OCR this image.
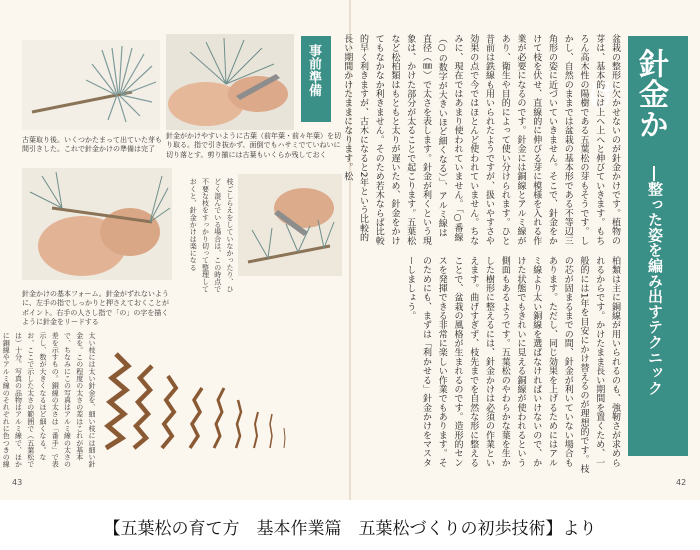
古葉取り後。いくつかたまって出ていた芽も間引きした。これで針金かけの準備は完了
針金がかけやすいように古葉（前年葉・前々年葉）を切り取る。指で引き抜かず、面倒でもハサミでていねいに切り落とす。剪り揃には古葉もいくらか残しておく
事前準備
針金かけの基本フォーム。針金がずれないように、左手の指でしっかりと押さえておくことがポイント。右手の人さし指で「の」の字を描くように針金をリードする
枝ごしらえをしていなかったり、ひどく混んでいる場合は、この時点で不要な枝をすっかり切って整理しておくと、針金かけは楽になる
太い枝には太い針金を、細い枝には細い針金を。この程度の太さの差はこれが基本で、ちなみにこの写真はアルミ線の太さの差を示すもの。銅線の太さは「番手」で表示し、数が大きくなるほど細くなる。なお、ここで示した太さの範囲で（五葉松では）十分。写真の品物はアルミ線で、ほかに銅線やアルミ線のそれぞれに色つきの線
43
盆栽の整形に欠かせないのが針金かけです。植物の芽は、基本的には上へ上へと伸びていきます。もちろん高木性の陽樹である五葉松の芽もそうです。しかし、自然のままでは盆栽の基本形である不等辺三角形の姿に近づいていきません。そこで、針金をかけて枝を伏せ、直線的に伸びる芽に模様を入れる作業が必要になるのです。針金には銅線とアルミ線があり、衛生や目的によって使い分けられます。ひと昔前は鉄線も用いられたようですが、扱いやすさや効果の点で今ではほとんど使われていません。ちなみに、現在ではあまり使われていません。「○番線（○の数字が大きいほど細くなる）」、アルミ線は直径（㎜）で太さを表します。針金が利くという現象は、かけた部分が太ることで起こります。五葉松など松柏類はもともと太りが遅いため、針金をかけてもなかなか利きません。そのため若木ならば比較的早く利きますが、古木になると2年という比較的長い期間かけたままになります。松
柏類は主に銅線が用いられるのも、強靭さが求められるからです。かけたまま長い期間を置くため、一般的には1年を目安にかけ替えるのが理想的です。枝の芯が固まるまでの間、針金が利いていない場合もあります。ただし、同じ効果を上げるためにはアルミ線より太い銅線を選ばなければいけないので、かけた状態でもきれいに見える銅線が使われるという側面もあるようです。五葉松のやわらかな葉を生かした樹形に整えるには、針金かけは必須の作業といえます。曲げすぎず、枝先までを自然な形に整えることで、盆栽の風格が生まれるのです。造形的センスを発揮できる非常に楽しい作業でもあります。そのためにも、まずは「利かせる」針金かけをマスターしましょう。
針金かけ
―整った姿を編み出すテクニック
42
【五葉松の育て方　基本作業篇　五葉松づくりの初歩技術】より
